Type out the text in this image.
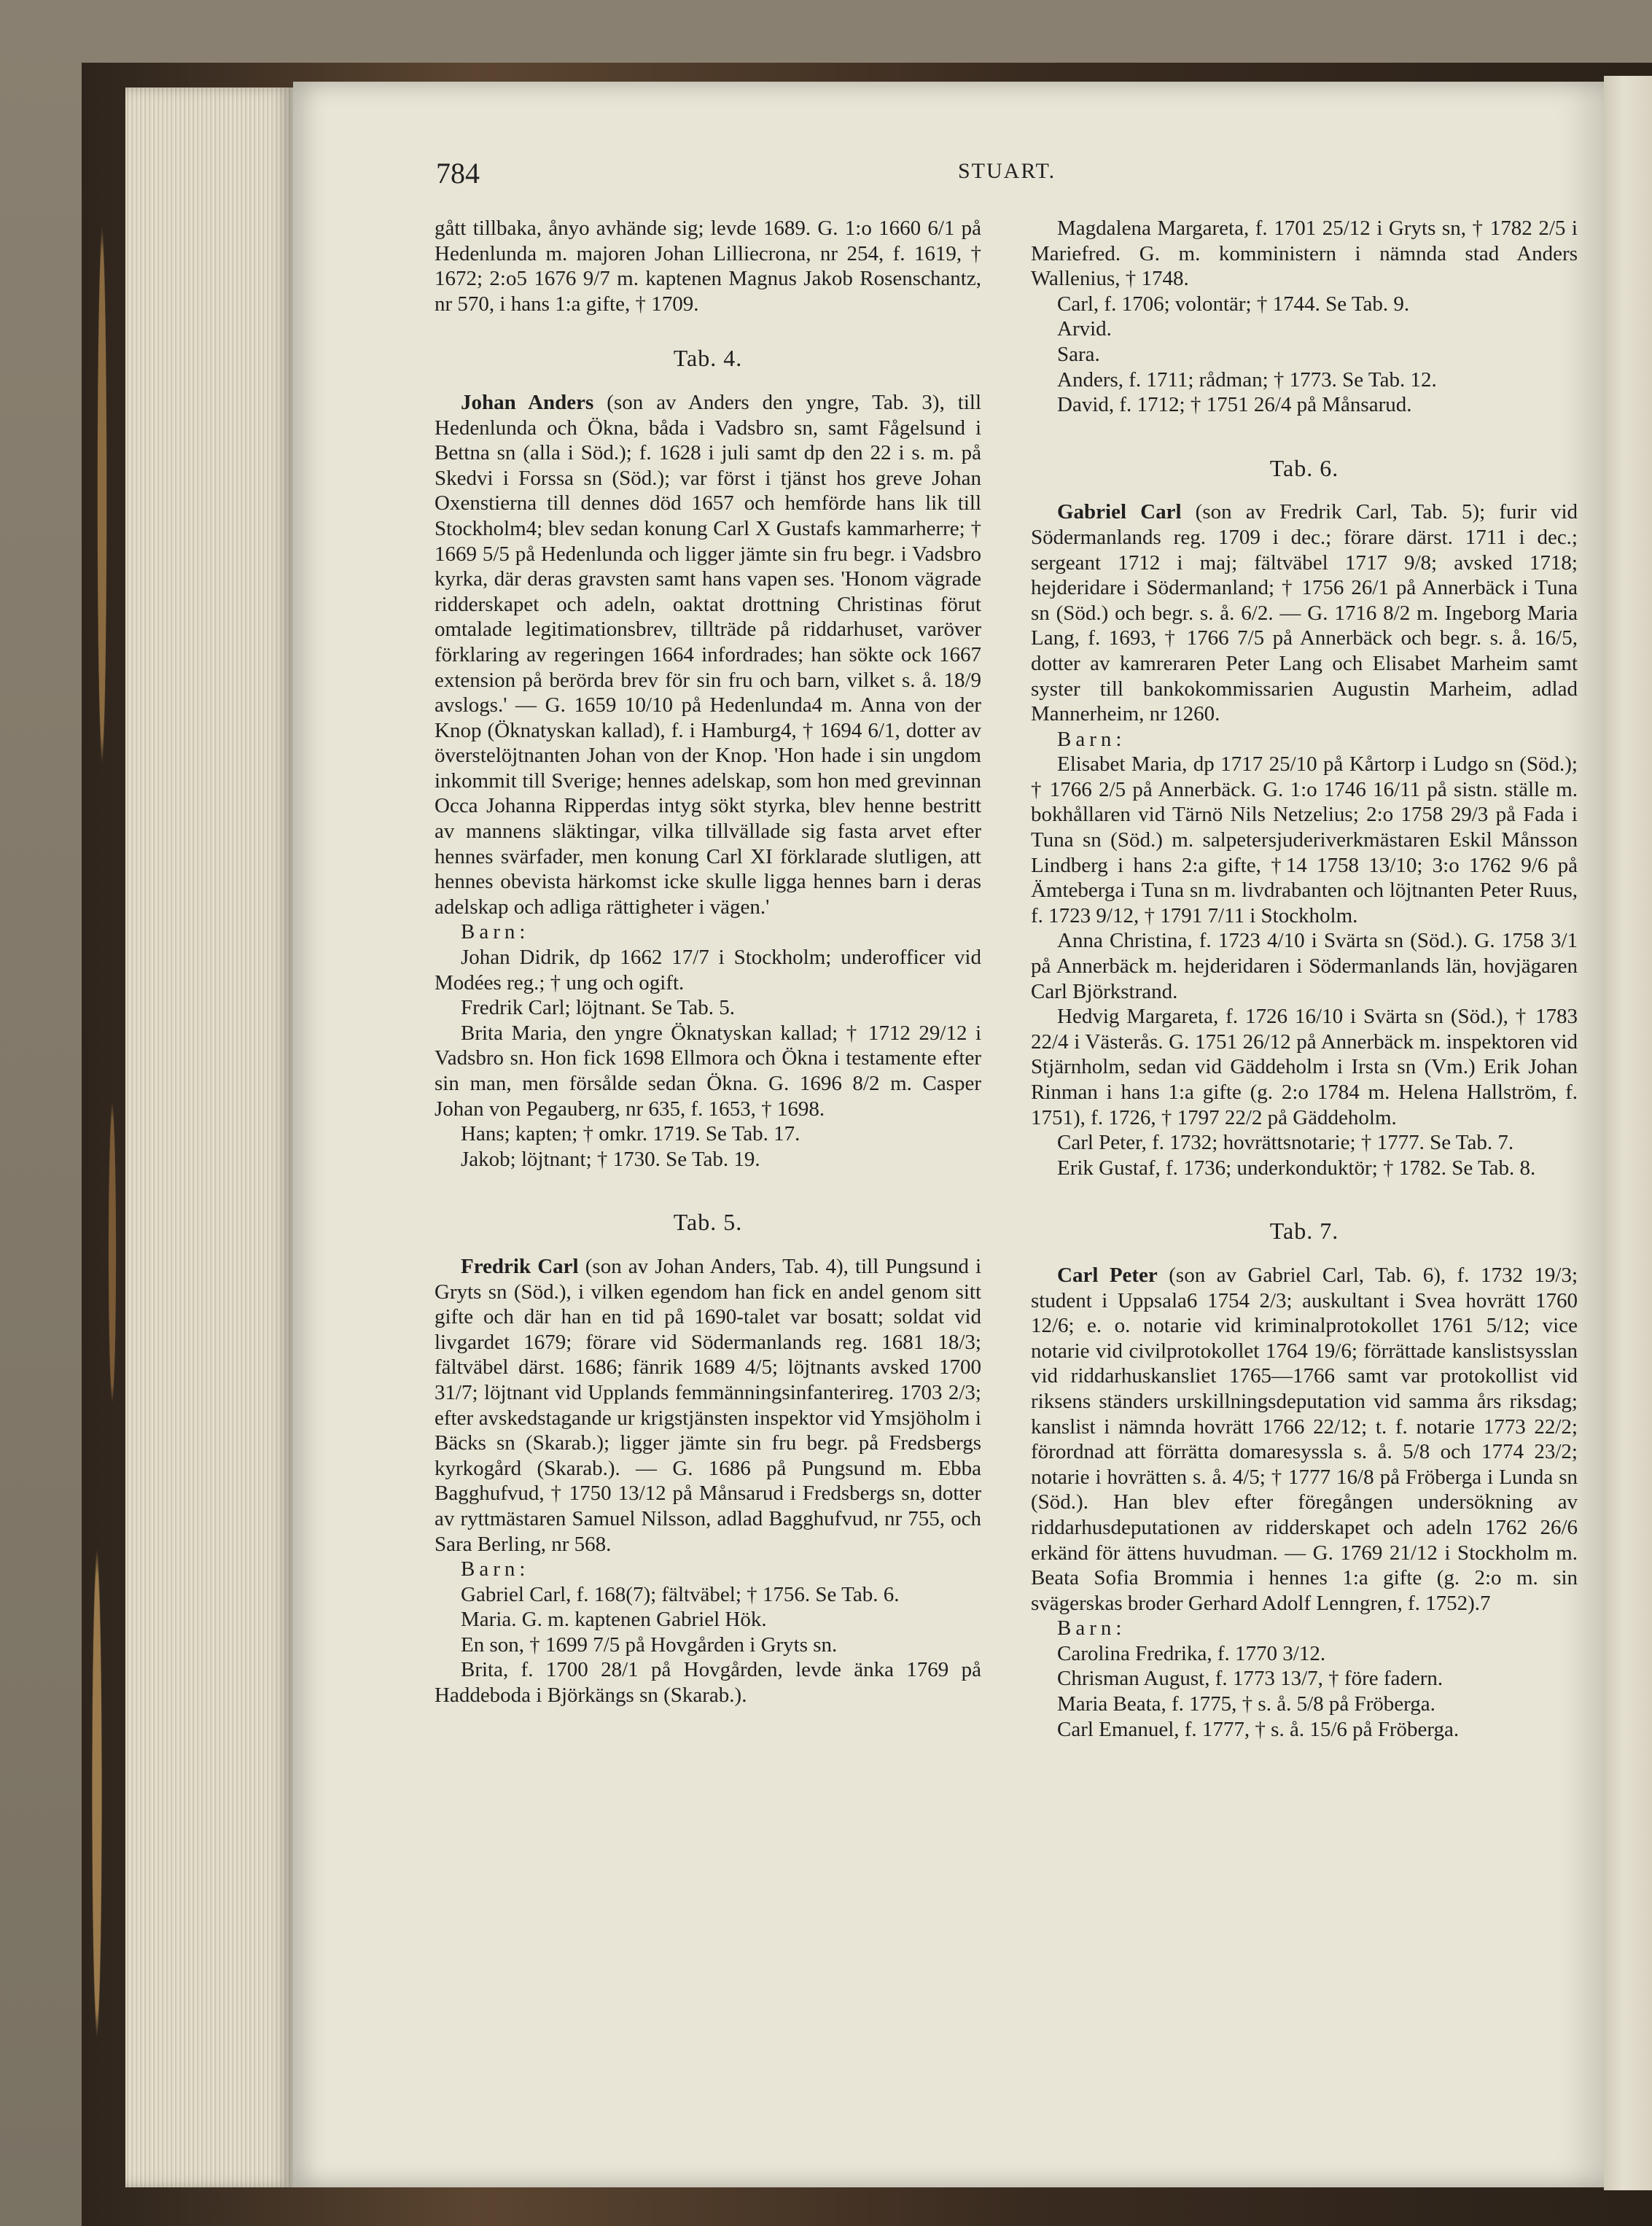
784	STUART.

gått tillbaka, ånyo avhände sig; levde 1689. G. 1:o 1660 6/1 på Hedenlunda m. majoren Johan Lilliecrona, nr 254, f. 1619, † 1672; 2:o5 1676 9/7 m. kaptenen Magnus Jakob Rosenschantz, nr 570, i hans 1:a gifte, † 1709.

Tab. 4.

Johan Anders (son av Anders den yngre, Tab. 3), till Hedenlunda och Ökna, båda i Vadsbro sn, samt Fågelsund i Bettna sn (alla i Söd.); f. 1628 i juli samt dp den 22 i s. m. på Skedvi i Forssa sn (Söd.); var först i tjänst hos greve Johan Oxenstierna till dennes död 1657 och hemförde hans lik till Stockholm4; blev sedan konung Carl X Gustafs kammarherre; † 1669 5/5 på Hedenlunda och ligger jämte sin fru begr. i Vadsbro kyrka, där deras gravsten samt hans vapen ses. 'Honom vägrade ridderskapet och adeln, oaktat drottning Christinas förut omtalade legitimationsbrev, tillträde på riddarhuset, varöver förklaring av regeringen 1664 infordrades; han sökte ock 1667 extension på berörda brev för sin fru och barn, vilket s. å. 18/9 avslogs.' — G. 1659 10/10 på Hedenlunda4 m. Anna von der Knop (Öknatyskan kallad), f. i Hamburg4, † 1694 6/1, dotter av överstelöjtnanten Johan von der Knop. 'Hon hade i sin ungdom inkommit till Sverige; hennes adelskap, som hon med grevinnan Occa Johanna Ripperdas intyg sökt styrka, blev henne bestritt av mannens släktingar, vilka tillvällade sig fasta arvet efter hennes svärfader, men konung Carl XI förklarade slutligen, att hennes obevista härkomst icke skulle ligga hennes barn i deras adelskap och adliga rättigheter i vägen.'

Barn:

Johan Didrik, dp 1662 17/7 i Stockholm; underofficer vid Modées reg.; † ung och ogift.

Fredrik Carl; löjtnant. Se Tab. 5.

Brita Maria, den yngre Öknatyskan kallad; † 1712 29/12 i Vadsbro sn. Hon fick 1698 Ellmora och Ökna i testamente efter sin man, men försålde sedan Ökna. G. 1696 8/2 m. Casper Johan von Pegauberg, nr 635, f. 1653, † 1698.

Hans; kapten; † omkr. 1719. Se Tab. 17.

Jakob; löjtnant; † 1730. Se Tab. 19.

Tab. 5.

Fredrik Carl (son av Johan Anders, Tab. 4), till Pungsund i Gryts sn (Söd.), i vilken egendom han fick en andel genom sitt gifte och där han en tid på 1690-talet var bosatt; soldat vid livgardet 1679; förare vid Södermanlands reg. 1681 18/3; fältväbel därst. 1686; fänrik 1689 4/5; löjtnants avsked 1700 31/7; löjtnant vid Upplands femmänningsinfanterireg. 1703 2/3; efter avskedstagande ur krigstjänsten inspektor vid Ymsjöholm i Bäcks sn (Skarab.); ligger jämte sin fru begr. på Fredsbergs kyrkogård (Skarab.). — G. 1686 på Pungsund m. Ebba Bagghufvud, † 1750 13/12 på Månsarud i Fredsbergs sn, dotter av ryttmästaren Samuel Nilsson, adlad Bagghufvud, nr 755, och Sara Berling, nr 568.

Barn:

Gabriel Carl, f. 168(7); fältväbel; † 1756. Se Tab. 6.

Maria. G. m. kaptenen Gabriel Hök.

En son, † 1699 7/5 på Hovgården i Gryts sn.

Brita, f. 1700 28/1 på Hovgården, levde änka 1769 på Haddeboda i Björkängs sn (Skarab.).

Magdalena Margareta, f. 1701 25/12 i Gryts sn, † 1782 2/5 i Mariefred. G. m. komministern i nämnda stad Anders Wallenius, † 1748.

Carl, f. 1706; volontär; † 1744. Se Tab. 9.

Arvid.

Sara.

Anders, f. 1711; rådman; † 1773. Se Tab. 12.

David, f. 1712; † 1751 26/4 på Månsarud.

Tab. 6.

Gabriel Carl (son av Fredrik Carl, Tab. 5); furir vid Södermanlands reg. 1709 i dec.; förare därst. 1711 i dec.; sergeant 1712 i maj; fältväbel 1717 9/8; avsked 1718; hejderidare i Södermanland; † 1756 26/1 på Annerbäck i Tuna sn (Söd.) och begr. s. å. 6/2. — G. 1716 8/2 m. Ingeborg Maria Lang, f. 1693, † 1766 7/5 på Annerbäck och begr. s. å. 16/5, dotter av kamreraren Peter Lang och Elisabet Marheim samt syster till bankokommissarien Augustin Marheim, adlad Mannerheim, nr 1260.

Barn:

Elisabet Maria, dp 1717 25/10 på Kårtorp i Ludgo sn (Söd.); † 1766 2/5 på Annerbäck. G. 1:o 1746 16/11 på sistn. ställe m. bokhållaren vid Tärnö Nils Netzelius; 2:o 1758 29/3 på Fada i Tuna sn (Söd.) m. salpetersjuderiverkmästaren Eskil Månsson Lindberg i hans 2:a gifte, †14 1758 13/10; 3:o 1762 9/6 på Ämteberga i Tuna sn m. livdrabanten och löjtnanten Peter Ruus, f. 1723 9/12, † 1791 7/11 i Stockholm.

Anna Christina, f. 1723 4/10 i Svärta sn (Söd.). G. 1758 3/1 på Annerbäck m. hejderidaren i Södermanlands län, hovjägaren Carl Björkstrand.

Hedvig Margareta, f. 1726 16/10 i Svärta sn (Söd.), † 1783 22/4 i Västerås. G. 1751 26/12 på Annerbäck m. inspektoren vid Stjärnholm, sedan vid Gäddeholm i Irsta sn (Vm.) Erik Johan Rinman i hans 1:a gifte (g. 2:o 1784 m. Helena Hallström, f. 1751), f. 1726, † 1797 22/2 på Gäddeholm.

Carl Peter, f. 1732; hovrättsnotarie; † 1777. Se Tab. 7.

Erik Gustaf, f. 1736; underkonduktör; † 1782. Se Tab. 8.

Tab. 7.

Carl Peter (son av Gabriel Carl, Tab. 6), f. 1732 19/3; student i Uppsala6 1754 2/3; auskultant i Svea hovrätt 1760 12/6; e. o. notarie vid kriminalprotokollet 1761 5/12; vice notarie vid civilprotokollet 1764 19/6; förrättade kanslistsysslan vid riddarhuskansliet 1765—1766 samt var protokollist vid riksens ständers urskillningsdeputation vid samma års riksdag; kanslist i nämnda hovrätt 1766 22/12; t. f. notarie 1773 22/2; förordnad att förrätta domaresyssla s. å. 5/8 och 1774 23/2; notarie i hovrätten s. å. 4/5; † 1777 16/8 på Fröberga i Lunda sn (Söd.). Han blev efter föregången undersökning av riddarhusdeputationen av ridderskapet och adeln 1762 26/6 erkänd för ättens huvudman. — G. 1769 21/12 i Stockholm m. Beata Sofia Brommia i hennes 1:a gifte (g. 2:o m. sin svägerskas broder Gerhard Adolf Lenngren, f. 1752).7

Barn:

Carolina Fredrika, f. 1770 3/12.

Chrisman August, f. 1773 13/7, † före fadern.

Maria Beata, f. 1775, † s. å. 5/8 på Fröberga.

Carl Emanuel, f. 1777, † s. å. 15/6 på Fröberga.
